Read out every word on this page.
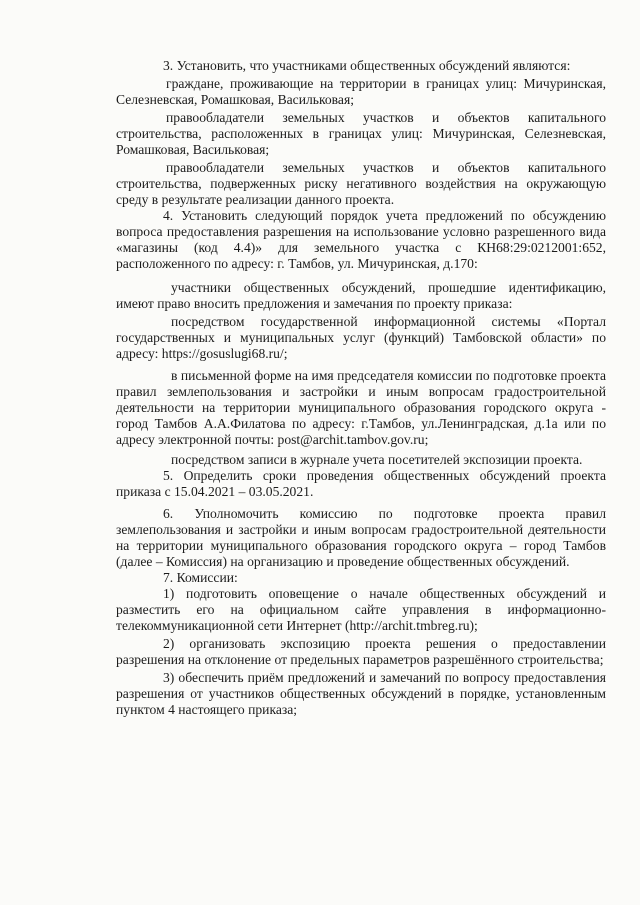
3. Установить, что участниками общественных обсуждений являются:

граждане, проживающие на территории в границах улиц: Мичуринская, Селезневская, Ромашковая, Васильковая;

правообладатели земельных участков и объектов капитального строительства, расположенных в границах улиц: Мичуринская, Селезневская, Ромашковая, Васильковая;

правообладатели земельных участков и объектов капитального строительства, подверженных риску негативного воздействия на окружающую среду в результате реализации данного проекта.

4. Установить следующий порядок учета предложений по обсуждению вопроса предоставления разрешения на использование условно разрешенного вида «магазины (код 4.4)» для земельного участка с КН68:29:0212001:652, расположенного по адресу: г. Тамбов, ул. Мичуринская, д.170:

участники общественных обсуждений, прошедшие идентификацию, имеют право вносить предложения и замечания по проекту приказа:

посредством государственной информационной системы «Портал государственных и муниципальных услуг (функций) Тамбовской области» по адресу: https://gosuslugi68.ru/;

в письменной форме на имя председателя комиссии по подготовке проекта правил землепользования и застройки и иным вопросам градостроительной деятельности на территории муниципального образования городского округа - город Тамбов А.А.Филатова по адресу: г.Тамбов, ул.Ленинградская, д.1а или по адресу электронной почты: post@archit.tambov.gov.ru;

посредством записи в журнале учета посетителей экспозиции проекта.

5. Определить сроки проведения общественных обсуждений проекта приказа с 15.04.2021 – 03.05.2021.

6. Уполномочить комиссию по подготовке проекта правил землепользования и застройки и иным вопросам градостроительной деятельности на территории муниципального образования городского округа – город Тамбов (далее – Комиссия) на организацию и проведение общественных обсуждений.

7. Комиссии:

1) подготовить оповещение о начале общественных обсуждений и разместить его на официальном сайте управления в информационно-телекоммуникационной сети Интернет (http://archit.tmbreg.ru);

2) организовать экспозицию проекта решения о предоставлении разрешения на отклонение от предельных параметров разрешённого строительства;

3) обеспечить приём предложений и замечаний по вопросу предоставления разрешения от участников общественных обсуждений в порядке, установленным пунктом 4 настоящего приказа;
